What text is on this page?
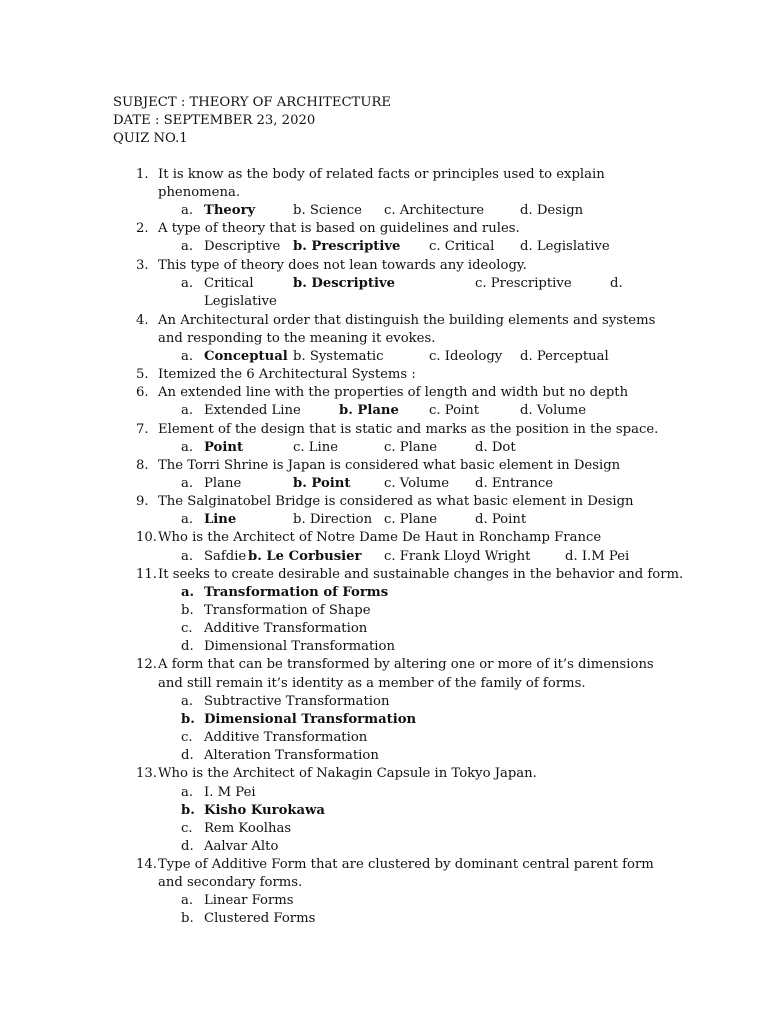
SUBJECT : THEORY OF ARCHITECTURE
DATE : SEPTEMBER 23, 2020
QUIZ NO.1
1. It is know as the body of related facts or principles used to explain
phenomena.
a. Theory	b. Science c. Architecture	d. Design
2. A type of theory that is based on guidelines and rules.
a. Descriptive b. Prescriptive c. Critical d. Legislative
3. This type of theory does not lean towards any ideology.
a. Critical	b. Descriptive	c. Prescriptive	d.
Legislative
4. An Architectural order that distinguish the building elements and systems
and responding to the meaning it evokes.
a. Conceptual b. Systematic	c. Ideology d. Perceptual
5. Itemized the 6 Architectural Systems :
6. An extended line with the properties of length and width but no depth
a. Extended Line	b. Plane c. Point	d. Volume
7. Element of the design that is static and marks as the position in the space.
a. Point	c. Line	c. Plane	d. Dot
8. The Torri Shrine is Japan is considered what basic element in Design
a. Plane	b. Point	c. Volume d. Entrance
9. The Salginatobel Bridge is considered as what basic element in Design
a. Line	b. Direction c. Plane	d. Point
10. Who is the Architect of Notre Dame De Haut in Ronchamp France
a. Safdie b. Le Corbusier c. Frank Lloyd Wright	d. I.M Pei
11. It seeks to create desirable and sustainable changes in the behavior and form.
a. Transformation of Forms
b. Transformation of Shape
c. Additive Transformation
d. Dimensional Transformation
12. A form that can be transformed by altering one or more of it’s dimensions
and still remain it’s identity as a member of the family of forms.
a. Subtractive Transformation
b. Dimensional Transformation
c. Additive Transformation
d. Alteration Transformation
13. Who is the Architect of Nakagin Capsule in Tokyo Japan.
a. I. M Pei
b. Kisho Kurokawa
c. Rem Koolhas
d. Aalvar Alto
14. Type of Additive Form that are clustered by dominant central parent form
and secondary forms.
a. Linear Forms
b. Clustered Forms
